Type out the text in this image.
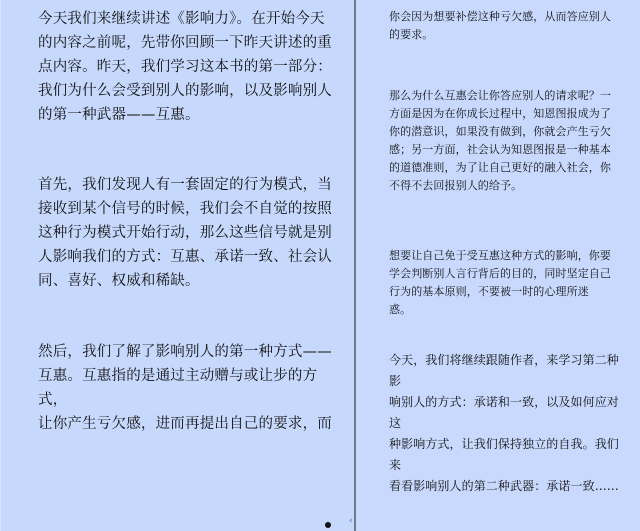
今天我们来继续讲述《影响力》。在开始今天
的内容之前呢，先带你回顾一下昨天讲述的重
点内容。昨天，我们学习这本书的第一部分：
我们为什么会受到别人的影响，以及影响别人
的第一种武器——互惠。

首先，我们发现人有一套固定的行为模式，当
接收到某个信号的时候，我们会不自觉的按照
这种行为模式开始行动，那么这些信号就是别
人影响我们的方式：互惠、承诺一致、社会认
同、喜好、权威和稀缺。

然后，我们了解了影响别人的第一种方式——
互惠。互惠指的是通过主动赠与或让步的方式，
让你产生亏欠感，进而再提出自己的要求，而

你会因为想要补偿这种亏欠感，从而答应别人
的要求。

那么为什么互惠会让你答应别人的请求呢？一
方面是因为在你成长过程中，知恩图报成为了
你的潜意识，如果没有做到，你就会产生亏欠
感；另一方面，社会认为知恩图报是一种基本
的道德准则，为了让自己更好的融入社会，你
不得不去回报别人的给予。

想要让自己免于受互惠这种方式的影响，你要
学会判断别人言行背后的目的，同时坚定自己
行为的基本原则，不要被一时的心理所迷
惑。

今天，我们将继续跟随作者，来学习第二种影
响别人的方式：承诺和一致，以及如何应对这
种影响方式，让我们保持独立的自我。我们来
看看影响别人的第二种武器：承诺一致……

‹
